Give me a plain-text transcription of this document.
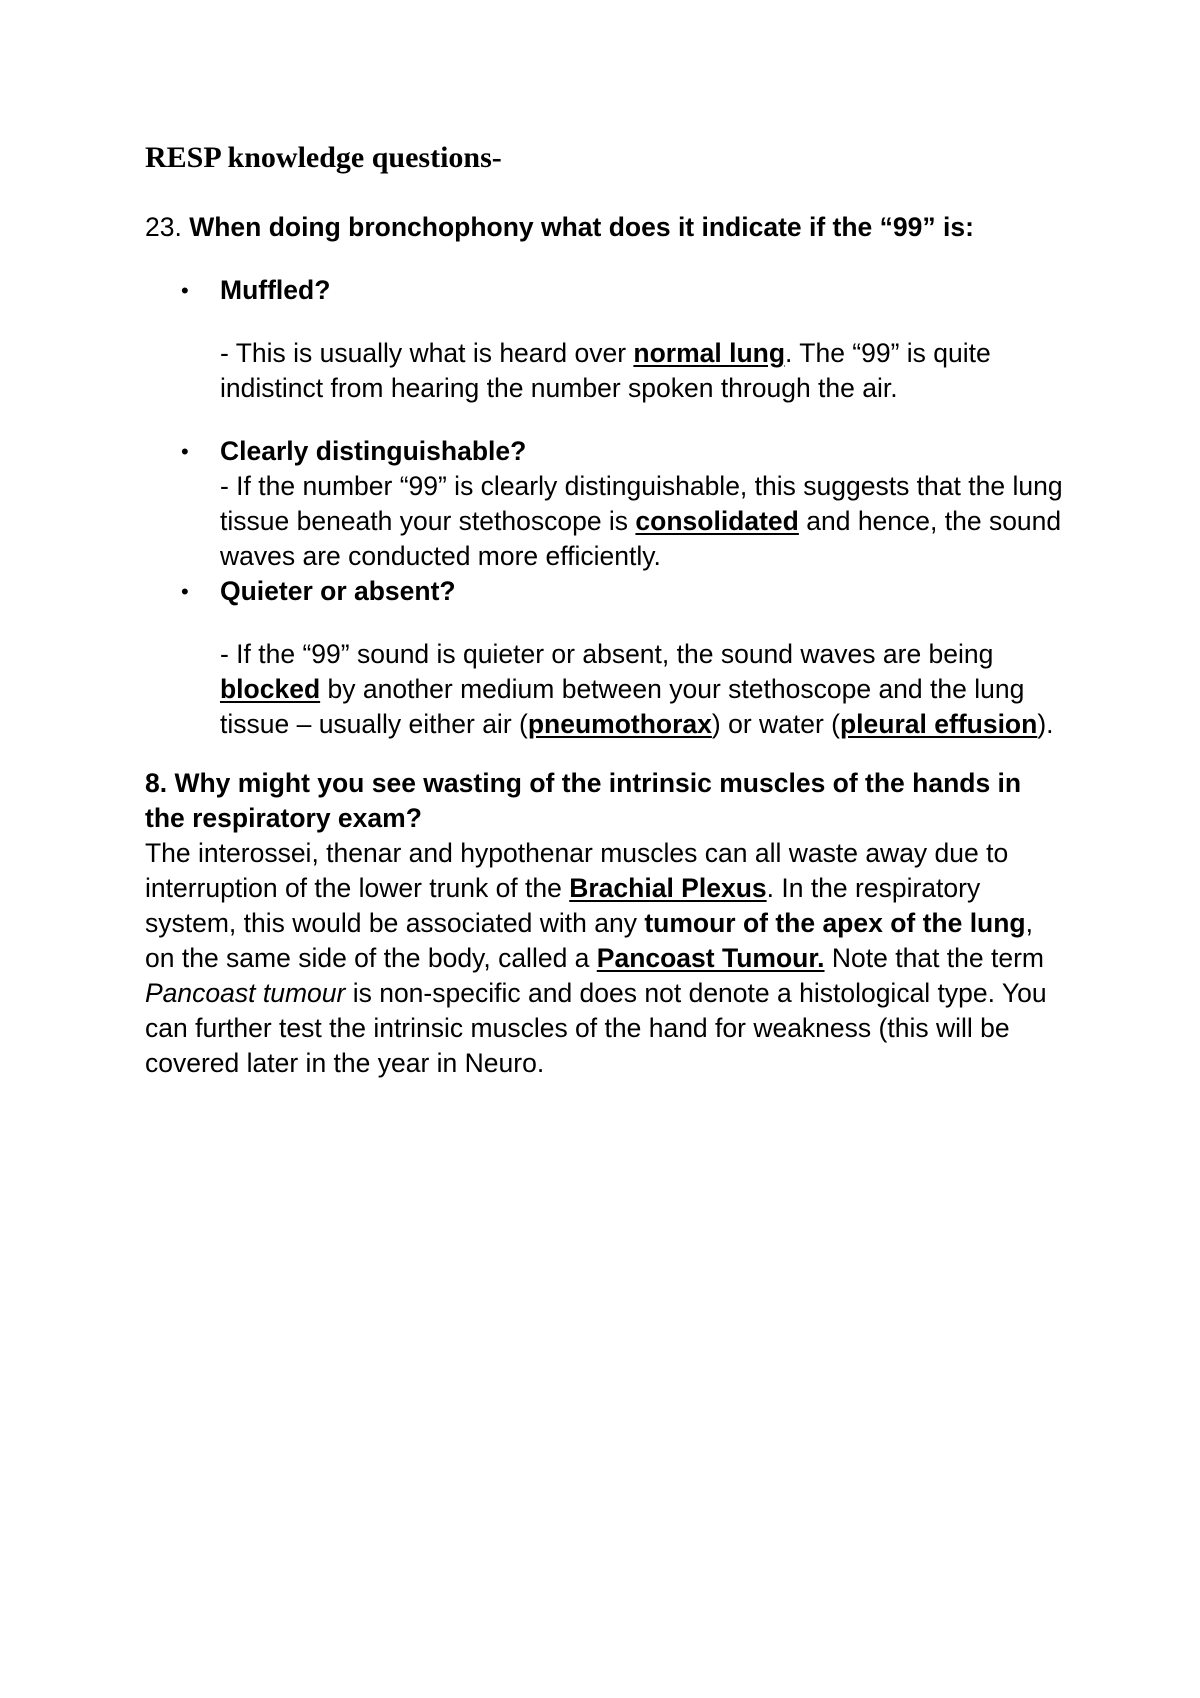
RESP knowledge questions-

23. When doing bronchophony what does it indicate if the “99” is:

• Muffled?

- This is usually what is heard over normal lung. The “99” is quite indistinct from hearing the number spoken through the air.

• Clearly distinguishable?

- If the number “99” is clearly distinguishable, this suggests that the lung tissue beneath your stethoscope is consolidated and hence, the sound waves are conducted more efficiently.

• Quieter or absent?

- If the “99” sound is quieter or absent, the sound waves are being blocked by another medium between your stethoscope and the lung tissue – usually either air (pneumothorax) or water (pleural effusion).

8. Why might you see wasting of the intrinsic muscles of the hands in the respiratory exam?

The interossei, thenar and hypothenar muscles can all waste away due to interruption of the lower trunk of the Brachial Plexus. In the respiratory system, this would be associated with any tumour of the apex of the lung, on the same side of the body, called a Pancoast Tumour. Note that the term Pancoast tumour is non-specific and does not denote a histological type. You can further test the intrinsic muscles of the hand for weakness (this will be covered later in the year in Neuro.
